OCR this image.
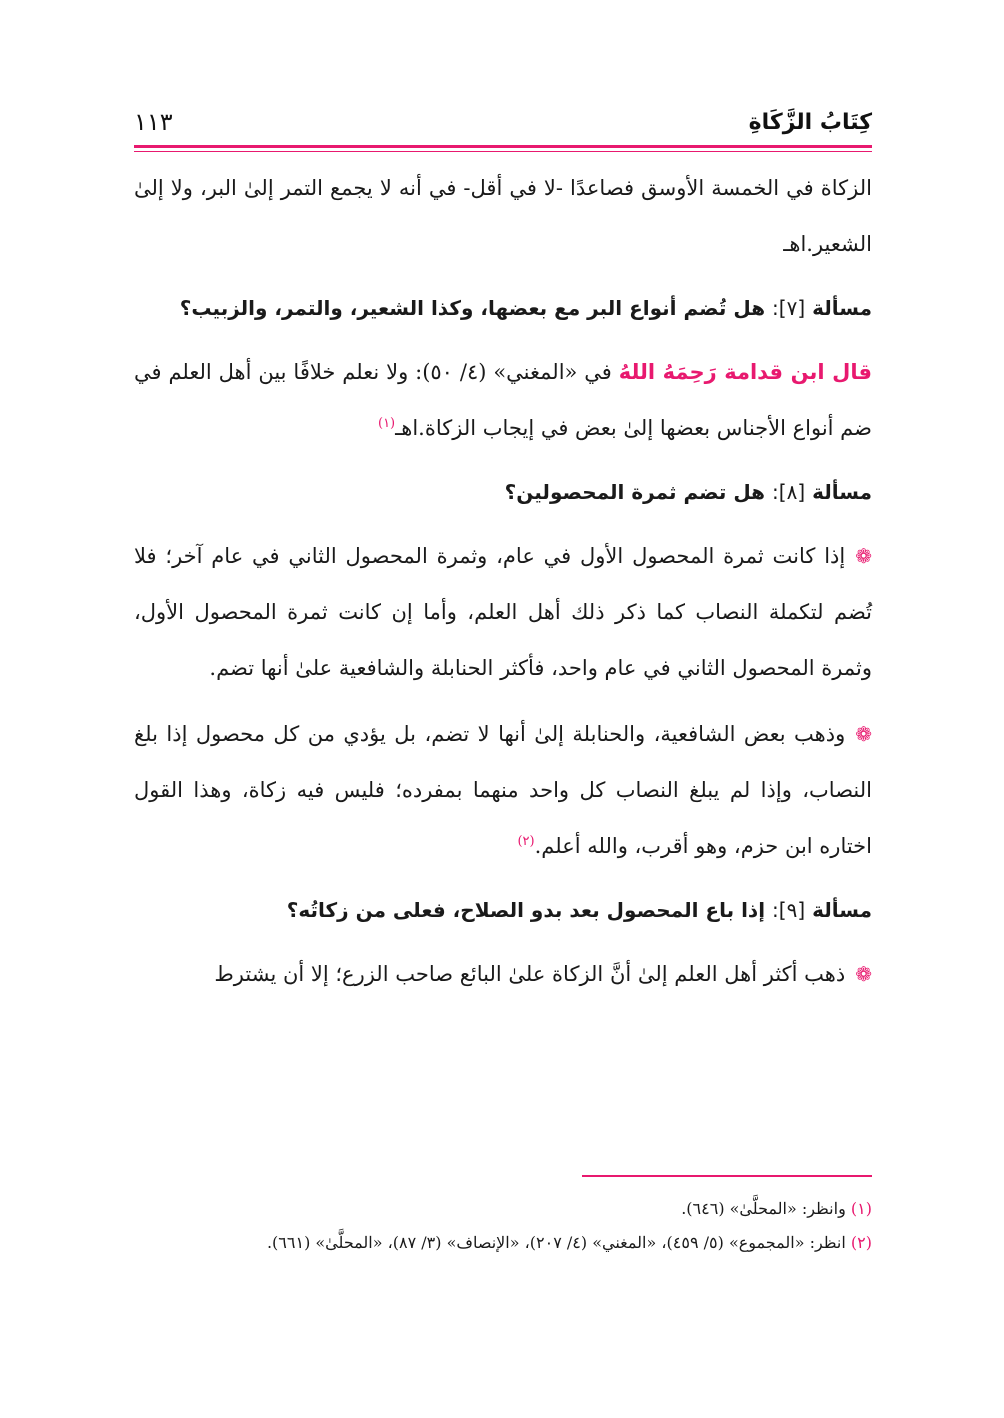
كِتَابُ الزَّكَاةِ
١١٣

الزكاة في الخمسة الأوسق فصاعدًا -لا في أقل- في أنه لا يجمع التمر إلىٰ البر، ولا إلىٰ الشعير.اهـ

مسألة [٧]: هل تُضم أنواع البر مع بعضها، وكذا الشعير، والتمر، والزبيب؟

قال ابن قدامة رَحِمَهُ اللهُ في «المغني» (٤/ ٥٠): ولا نعلم خلافًا بين أهل العلم في ضم أنواع الأجناس بعضها إلىٰ بعض في إيجاب الزكاة.اهـ$^{(١)}$

مسألة [٨]: هل تضم ثمرة المحصولين؟

❁إذا كانت ثمرة المحصول الأول في عام، وثمرة المحصول الثاني في عام آخر؛ فلا تُضم لتكملة النصاب كما ذكر ذلك أهل العلم، وأما إن كانت ثمرة المحصول الأول، وثمرة المحصول الثاني في عام واحد، فأكثر الحنابلة والشافعية علىٰ أنها تضم.

❁وذهب بعض الشافعية، والحنابلة إلىٰ أنها لا تضم، بل يؤدي من كل محصول إذا بلغ النصاب، وإذا لم يبلغ النصاب كل واحد منهما بمفرده؛ فليس فيه زكاة، وهذا القول اختاره ابن حزم، وهو أقرب، والله أعلم.$^{(٢)}$

مسألة [٩]: إذا باع المحصول بعد بدو الصلاح، فعلى من زكاتُه؟

❁ذهب أكثر أهل العلم إلىٰ أنَّ الزكاة علىٰ البائع صاحب الزرع؛ إلا أن يشترط

(١) وانظر: «المحلَّىٰ» (٦٤٦).
(٢) انظر: «المجموع» (٥/ ٤٥٩)، «المغني» (٤/ ٢٠٧)، «الإنصاف» (٣/ ٨٧)، «المحلَّىٰ» (٦٦١).
